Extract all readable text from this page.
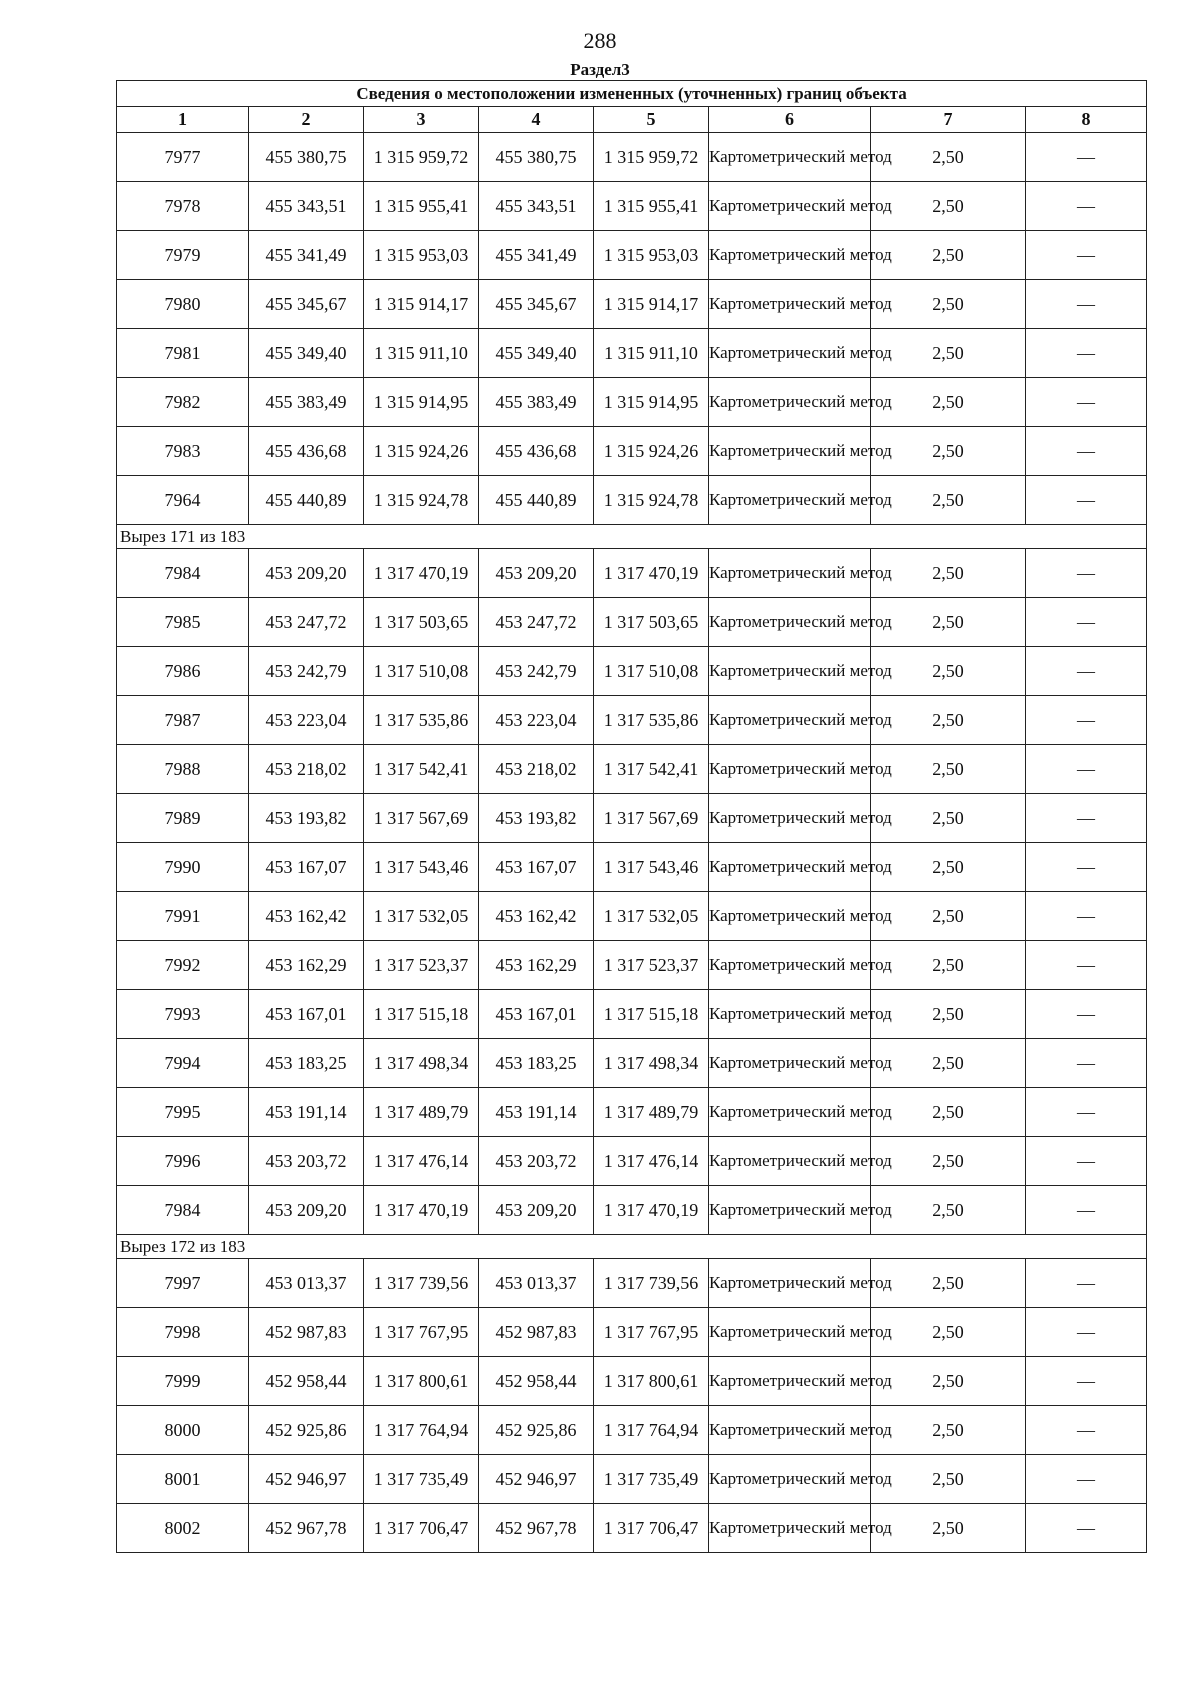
288
Раздел3
Сведения о местоположении измененных (уточненных) границ объекта							
1	2	3	4	5	6	7	8
7977	455 380,75	1 315 959,72	455 380,75	1 315 959,72	Картометрический метод	2,50	—
7978	455 343,51	1 315 955,41	455 343,51	1 315 955,41	Картометрический метод	2,50	—
7979	455 341,49	1 315 953,03	455 341,49	1 315 953,03	Картометрический метод	2,50	—
7980	455 345,67	1 315 914,17	455 345,67	1 315 914,17	Картометрический метод	2,50	—
7981	455 349,40	1 315 911,10	455 349,40	1 315 911,10	Картометрический метод	2,50	—
7982	455 383,49	1 315 914,95	455 383,49	1 315 914,95	Картометрический метод	2,50	—
7983	455 436,68	1 315 924,26	455 436,68	1 315 924,26	Картометрический метод	2,50	—
7964	455 440,89	1 315 924,78	455 440,89	1 315 924,78	Картометрический метод	2,50	—
Вырез 171 из 183							
7984	453 209,20	1 317 470,19	453 209,20	1 317 470,19	Картометрический метод	2,50	—
7985	453 247,72	1 317 503,65	453 247,72	1 317 503,65	Картометрический метод	2,50	—
7986	453 242,79	1 317 510,08	453 242,79	1 317 510,08	Картометрический метод	2,50	—
7987	453 223,04	1 317 535,86	453 223,04	1 317 535,86	Картометрический метод	2,50	—
7988	453 218,02	1 317 542,41	453 218,02	1 317 542,41	Картометрический метод	2,50	—
7989	453 193,82	1 317 567,69	453 193,82	1 317 567,69	Картометрический метод	2,50	—
7990	453 167,07	1 317 543,46	453 167,07	1 317 543,46	Картометрический метод	2,50	—
7991	453 162,42	1 317 532,05	453 162,42	1 317 532,05	Картометрический метод	2,50	—
7992	453 162,29	1 317 523,37	453 162,29	1 317 523,37	Картометрический метод	2,50	—
7993	453 167,01	1 317 515,18	453 167,01	1 317 515,18	Картометрический метод	2,50	—
7994	453 183,25	1 317 498,34	453 183,25	1 317 498,34	Картометрический метод	2,50	—
7995	453 191,14	1 317 489,79	453 191,14	1 317 489,79	Картометрический метод	2,50	—
7996	453 203,72	1 317 476,14	453 203,72	1 317 476,14	Картометрический метод	2,50	—
7984	453 209,20	1 317 470,19	453 209,20	1 317 470,19	Картометрический метод	2,50	—
Вырез 172 из 183							
7997	453 013,37	1 317 739,56	453 013,37	1 317 739,56	Картометрический метод	2,50	—
7998	452 987,83	1 317 767,95	452 987,83	1 317 767,95	Картометрический метод	2,50	—
7999	452 958,44	1 317 800,61	452 958,44	1 317 800,61	Картометрический метод	2,50	—
8000	452 925,86	1 317 764,94	452 925,86	1 317 764,94	Картометрический метод	2,50	—
8001	452 946,97	1 317 735,49	452 946,97	1 317 735,49	Картометрический метод	2,50	—
8002	452 967,78	1 317 706,47	452 967,78	1 317 706,47	Картометрический метод	2,50	—
